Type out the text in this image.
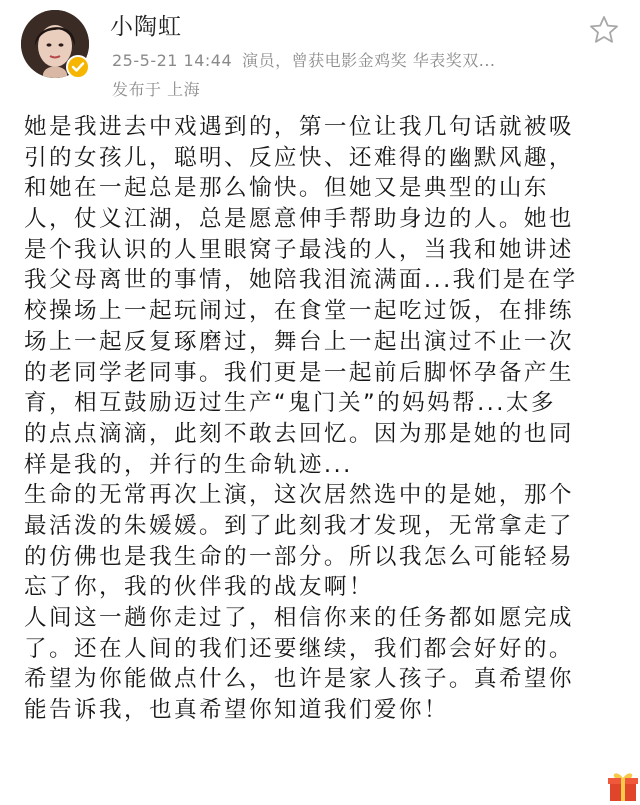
小陶虹
25-5-21 14:44 演员，曾获电影金鸡奖 华表奖双...
发布于 上海
她是我进去中戏遇到的，第一位让我几句话就被吸
引的女孩儿，聪明、反应快、还难得的幽默风趣，
和她在一起总是那么愉快。但她又是典型的山东
人，仗义江湖，总是愿意伸手帮助身边的人。她也
是个我认识的人里眼窝子最浅的人，当我和她讲述
我父母离世的事情，她陪我泪流满面...我们是在学
校操场上一起玩闹过，在食堂一起吃过饭，在排练
场上一起反复琢磨过，舞台上一起出演过不止一次
的老同学老同事。我们更是一起前后脚怀孕备产生
育，相互鼓励迈过生产“鬼门关”的妈妈帮...太多
的点点滴滴，此刻不敢去回忆。因为那是她的也同
样是我的，并行的生命轨迹...
生命的无常再次上演，这次居然选中的是她，那个
最活泼的朱媛媛。到了此刻我才发现，无常拿走了
的仿佛也是我生命的一部分。所以我怎么可能轻易
忘了你，我的伙伴我的战友啊！
人间这一趟你走过了，相信你来的任务都如愿完成
了。还在人间的我们还要继续，我们都会好好的。
希望为你能做点什么，也许是家人孩子。真希望你
能告诉我，也真希望你知道我们爱你！
